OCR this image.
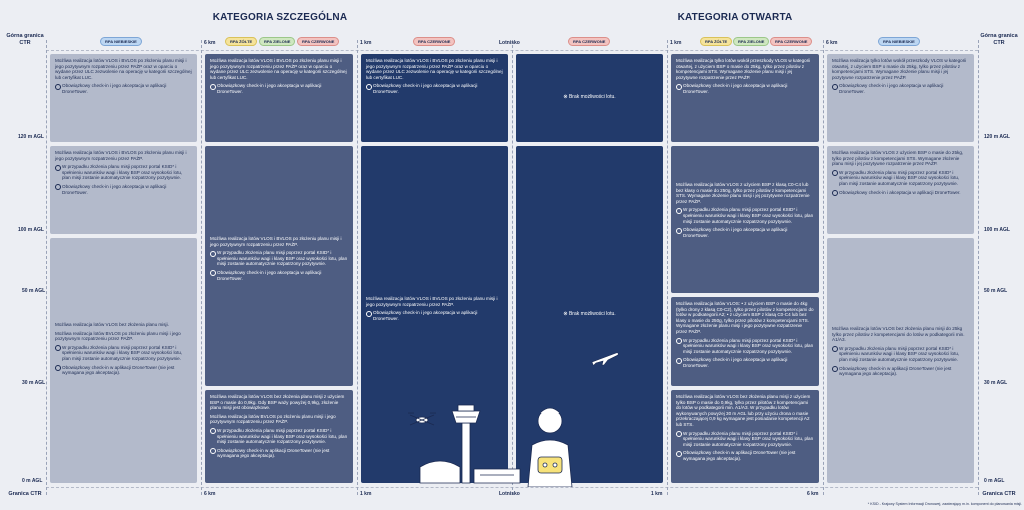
KATEGORIA SZCZEGÓLNA	KATEGORIA OTWARTA
Górna granica CTR
Górna granica CTR
Granica CTR	Granica CTR
120 m AGL
100 m AGL
50 m AGL
30 m AGL
0 m AGL
120 m AGL
100 m AGL
50 m AGL
30 m AGL
0 m AGL
6 km	1 km	Lotnisko	1 km	6 km
6 km	1 km	Lotnisko	1 km	6 km
RPA NIEBIESKIE	RPA ŻÓŁTE	RPA ZIELONE	RPA CZERWONE	RPA CZERWONE	RPA CZERWONE	RPA ŻÓŁTE	RPA ZIELONE	RPA CZERWONE	RPA NIEBIESKIE

Możliwa realizacja lotów VLOS i BVLOS po złożeniu planu misji i jego pozytywnym rozpatrzeniu przez PAŻP oraz w oparciu o wydane przez ULC zezwolenie na operację w kategorii szczególnej lub certyfikat LUC.

Obowiązkowy check-in i jego akceptacja w aplikacji DroneTower.

Możliwa realizacja lotów VLOS i BVLOS po złożeniu planu misji i jego pozytywnym rozpatrzeniu przez PAŻP.

W przypadku złożenia planu misji poprzez portal KSID* i spełnieniu warunków wagi i klasy BSP oraz wysokości lotu, plan misji zostanie automatycznie rozpatrzony pozytywnie.

Obowiązkowy check-in i jego akceptacja w aplikacji DroneTower.

Możliwa realizacja lotów VLOS bez złożenia planu misji.

Możliwa realizacja lotów BVLOS po złożeniu planu misji i jego pozytywnym rozpatrzeniu przez PAŻP.

W przypadku złożenia planu misji poprzez portal KSID* i spełnieniu warunków wagi i klasy BSP oraz wysokości lotu, plan misji zostanie automatycznie rozpatrzony pozytywnie.

Obowiązkowy check-in w aplikacji DroneTower (nie jest wymagana jego akceptacja).

Możliwa realizacja lotów VLOS i BVLOS po złożeniu planu misji i jego pozytywnym rozpatrzeniu przez PAŻP oraz w oparciu o wydane przez ULC zezwolenie na operację w kategorii szczególnej lub certyfikat LUC.

Obowiązkowy check-in i jego akceptacja w aplikacji DroneTower.

Możliwa realizacja lotów VLOS i BVLOS po złożeniu planu misji i jego pozytywnym rozpatrzeniu przez PAŻP.

W przypadku złożenia planu misji poprzez portal KSID* i spełnieniu warunków wagi i klasy BSP oraz wysokości lotu, plan misji zostanie automatycznie rozpatrzony pozytywnie.

Obowiązkowy check-in i jego akceptacja w aplikacji DroneTower.

Możliwa realizacja lotów VLOS bez złożenia planu misji z użyciem BSP o masie do 0,9kg. Gdy BSP waży powyżej 0,9kg, złożenie planu misji jest obowiązkowe.

Możliwa realizacja lotów BVLOS po złożeniu planu misji i jego pozytywnym rozpatrzeniu przez PAŻP.

W przypadku złożenia planu misji poprzez portal KSID* i spełnieniu warunków wagi i klasy BSP oraz wysokości lotu, plan misji zostanie automatycznie rozpatrzony pozytywnie.

Obowiązkowy check-in w aplikacji DroneTower (nie jest wymagana jego akceptacja).

Możliwa realizacja lotów VLOS i BVLOS po złożeniu planu misji i jego pozytywnym rozpatrzeniu przez PAŻP oraz w oparciu o wydane przez ULC zezwolenie na operację w kategorii szczególnej lub certyfikat LUC.

Obowiązkowy check-in i jego akceptacja w aplikacji DroneTower.

Możliwa realizacja lotów VLOS i BVLOS po złożeniu planu misji i jego pozytywnym rozpatrzeniu przez PAŻP.

Obowiązkowy check-in i jego akceptacja w aplikacji DroneTower.

⊗ Brak możliwości lotu.
⊗ Brak możliwości lotu.

Możliwa realizacja tylko lotów wokół przeszkody VLOS w kategorii otwartej, z użyciem BSP o masie do 25kg, tylko przez pilotów z kompetencjami STS. Wymagane złożenie planu misji i jej pozytywne rozpatrzenie przez PAŻP.

Obowiązkowy check-in i jego akceptacja w aplikacji DroneTower.

Możliwa realizacja lotów VLOS z użyciem BSP z klasą C0-C4 lub bez klasy o masie do 250g, tylko przez pilotów z kompetencjami STS. Wymagane złożenie planu misji i jej pozytywne rozpatrzenie przez PAŻP.

W przypadku złożenia planu misji poprzez portal KSID* i spełnieniu warunków wagi i klasy BSP oraz wysokości lotu, plan misji zostanie automatycznie rozpatrzony pozytywnie.

Obowiązkowy check-in i jego akceptacja w aplikacji DroneTower.

Możliwa realizacja lotów VLOS: • z użyciem BSP o masie do 4kg (tylko drony z klasą C0-C2), tylko przez pilotów z kompetencjami do lotów w podkategorii A2; • z użyciem BSP z klasą C0-C4 lub bez klasy o masie do 250g, tylko przez pilotów z kompetencjami STS. Wymagane złożenie planu misji i jego pozytywne rozpatrzenie przez PAŻP.

W przypadku złożenia planu misji poprzez portal KSID* i spełnieniu warunków wagi i klasy BSP oraz wysokości lotu, plan misji zostanie automatycznie rozpatrzony pozytywnie.

Obowiązkowy check-in i jego akceptacja w aplikacji DroneTower.

Możliwa realizacja lotów VLOS bez złożenia planu misji z użyciem tylko BSP o masie do 0,9kg, tylko przez pilotów z kompetencjami do lotów w podkategorii min. A1/A3. W przypadku lotów wykonywanych powyżej 30 m AGL lub przy użyciu drona o masie przekraczającej 0,9 kg wymagane jest posiadanie kompetencji A2 lub STS.

W przypadku złożenia planu misji poprzez portal KSID* i spełnieniu warunków wagi i klasy BSP oraz wysokości lotu, plan misji zostanie automatycznie rozpatrzony pozytywnie.

Obowiązkowy check-in w aplikacji DroneTower (nie jest wymagana jego akceptacja).

Możliwa realizacja tylko lotów wokół przeszkody VLOS w kategorii otwartej, z użyciem BSP o masie do 25kg, tylko przez pilotów z kompetencjami STS. Wymagane złożenie planu misji i jej pozytywne rozpatrzenie przez PAŻP.

Obowiązkowy check-in i jego akceptacja w aplikacji DroneTower.

Możliwa realizacja lotów VLOS z użyciem BSP o masie do 25kg, tylko przez pilotów z kompetencjami STS. Wymagane złożenie planu misji i jej pozytywne rozpatrzenie przez PAŻP.

W przypadku złożenia planu misji poprzez portal KSID* i spełnieniu warunków wagi i klasy BSP oraz wysokości lotu, plan misji zostanie automatycznie rozpatrzony pozytywnie.

Obowiązkowy check-in i akceptacja w aplikacji DroneTower.

Możliwa realizacja lotów VLOS bez złożenia planu misji do 25kg tylko przez pilotów z kompetencjami do lotów w podkategorii min. A1/A3.

W przypadku złożenia planu misji poprzez portal KSID* i spełnieniu warunków wagi i klasy BSP oraz wysokości lotu, plan misji zostanie automatycznie rozpatrzony pozytywnie.

Obowiązkowy check-in w aplikacji DroneTower (nie jest wymagana jego akceptacja).

* KSID - Krajowy System Informacji Dronowej, zawierający m.in. komponent do planowania misji.
